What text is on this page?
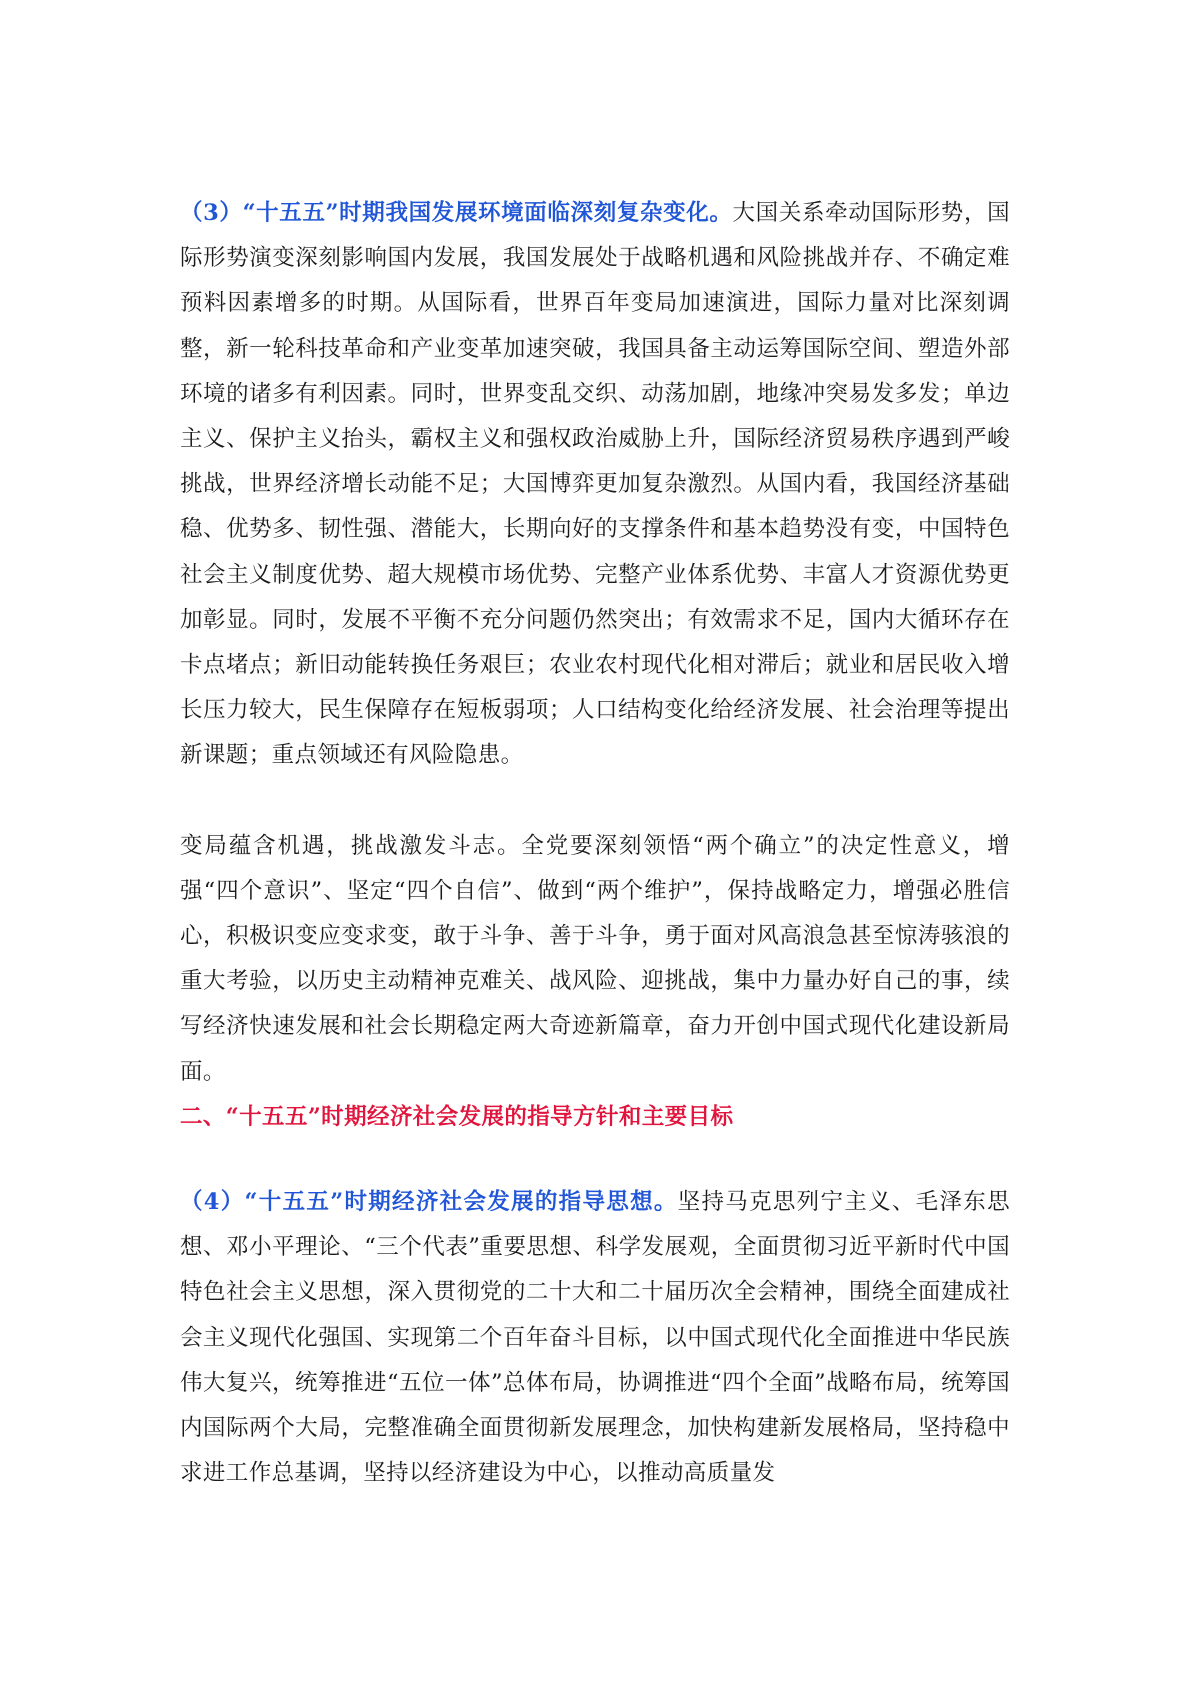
（3）“十五五”时期我国发展环境面临深刻复杂变化。大国关系牵动国际形势，国际形势演变深刻影响国内发展，我国发展处于战略机遇和风险挑战并存、不确定难预料因素增多的时期。从国际看，世界百年变局加速演进，国际力量对比深刻调整，新一轮科技革命和产业变革加速突破，我国具备主动运筹国际空间、塑造外部环境的诸多有利因素。同时，世界变乱交织、动荡加剧，地缘冲突易发多发；单边主义、保护主义抬头，霸权主义和强权政治威胁上升，国际经济贸易秩序遇到严峻挑战，世界经济增长动能不足；大国博弈更加复杂激烈。从国内看，我国经济基础稳、优势多、韧性强、潜能大，长期向好的支撑条件和基本趋势没有变，中国特色社会主义制度优势、超大规模市场优势、完整产业体系优势、丰富人才资源优势更加彰显。同时，发展不平衡不充分问题仍然突出；有效需求不足，国内大循环存在卡点堵点；新旧动能转换任务艰巨；农业农村现代化相对滞后；就业和居民收入增长压力较大，民生保障存在短板弱项；人口结构变化给经济发展、社会治理等提出新课题；重点领域还有风险隐患。

变局蕴含机遇，挑战激发斗志。全党要深刻领悟“两个确立”的决定性意义，增强“四个意识”、坚定“四个自信”、做到“两个维护”，保持战略定力，增强必胜信心，积极识变应变求变，敢于斗争、善于斗争，勇于面对风高浪急甚至惊涛骇浪的重大考验，以历史主动精神克难关、战风险、迎挑战，集中力量办好自己的事，续写经济快速发展和社会长期稳定两大奇迹新篇章，奋力开创中国式现代化建设新局面。

二、“十五五”时期经济社会发展的指导方针和主要目标

（4）“十五五”时期经济社会发展的指导思想。坚持马克思列宁主义、毛泽东思想、邓小平理论、“三个代表”重要思想、科学发展观，全面贯彻习近平新时代中国特色社会主义思想，深入贯彻党的二十大和二十届历次全会精神，围绕全面建成社会主义现代化强国、实现第二个百年奋斗目标，以中国式现代化全面推进中华民族伟大复兴，统筹推进“五位一体”总体布局，协调推进“四个全面”战略布局，统筹国内国际两个大局，完整准确全面贯彻新发展理念，加快构建新发展格局，坚持稳中求进工作总基调，坚持以经济建设为中心，以推动高质量发
